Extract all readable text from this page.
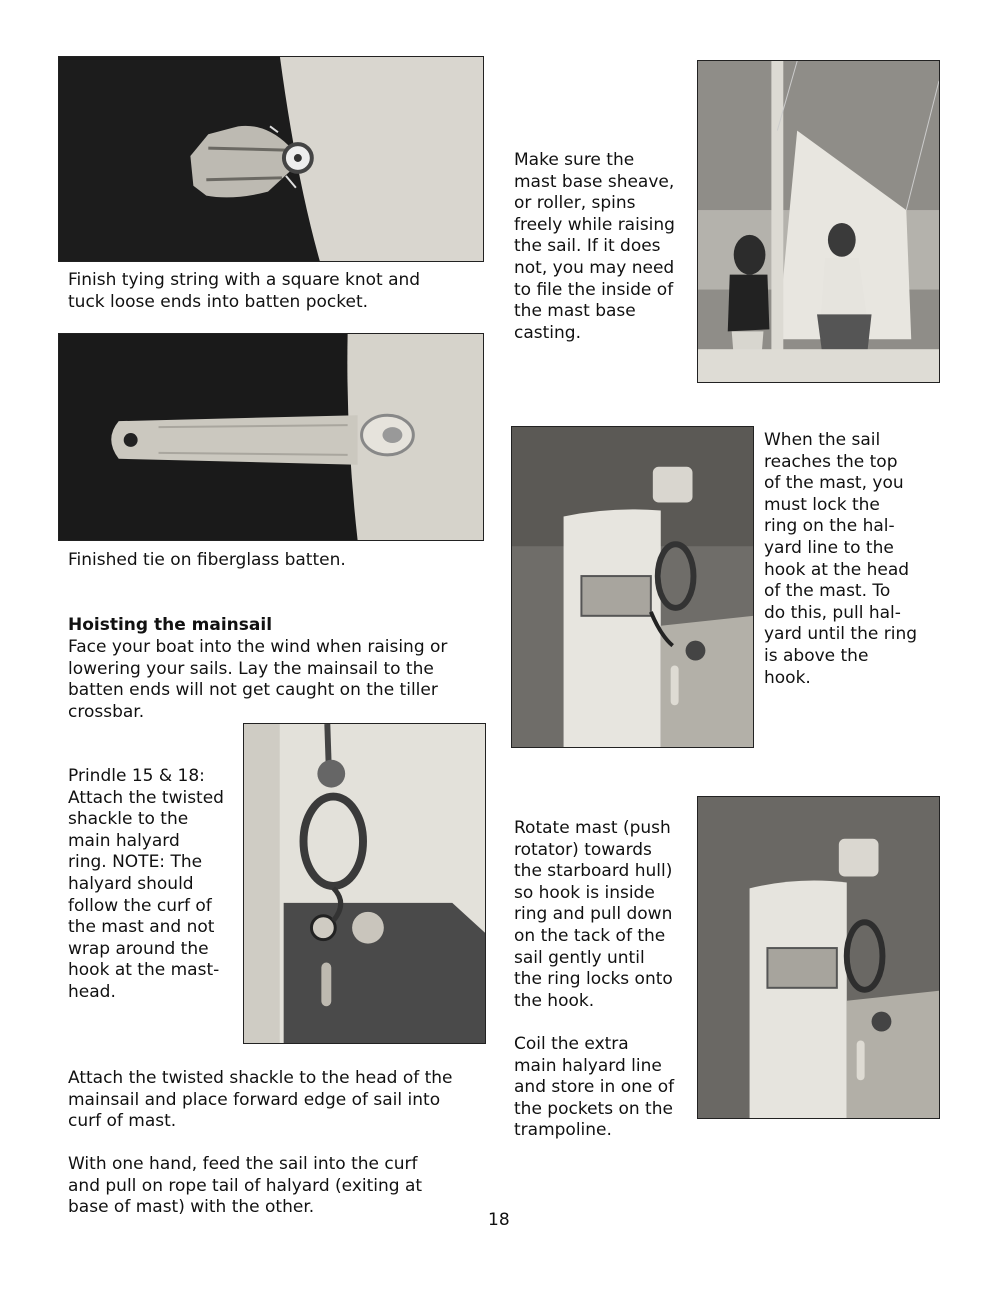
Finish tying string with a square knot and
tuck loose ends into batten pocket.
Finished tie on fiberglass batten.
Hoisting the mainsail
Face your boat into the wind when raising or
lowering your sails. Lay the mainsail to the
batten ends will not get caught on the tiller
crossbar.
Prindle 15 & 18:
Attach the twisted
shackle to the
main halyard
ring. NOTE: The
halyard should
follow the curf of
the mast and not
wrap around the
hook at the mast-
head.
Attach the twisted shackle to the head of the
mainsail and place forward edge of sail into
curf of mast.
With one hand, feed the sail into the curf
and pull on rope tail of halyard (exiting at
base of mast) with the other.
Make sure the
mast base sheave,
or roller, spins
freely while raising
the sail. If it does
not, you may need
to file the inside of
the mast base
casting.
When the sail
reaches the top
of the mast, you
must lock the
ring on the hal-
yard line to the
hook at the head
of the mast. To
do this, pull hal-
yard until the ring
is above the
hook.
Rotate mast (push
rotator) towards
the starboard hull)
so hook is inside
ring and pull down
on the tack of the
sail gently until
the ring locks onto
the hook.
Coil the extra
main halyard line
and store in one of
the pockets on the
trampoline.
18
